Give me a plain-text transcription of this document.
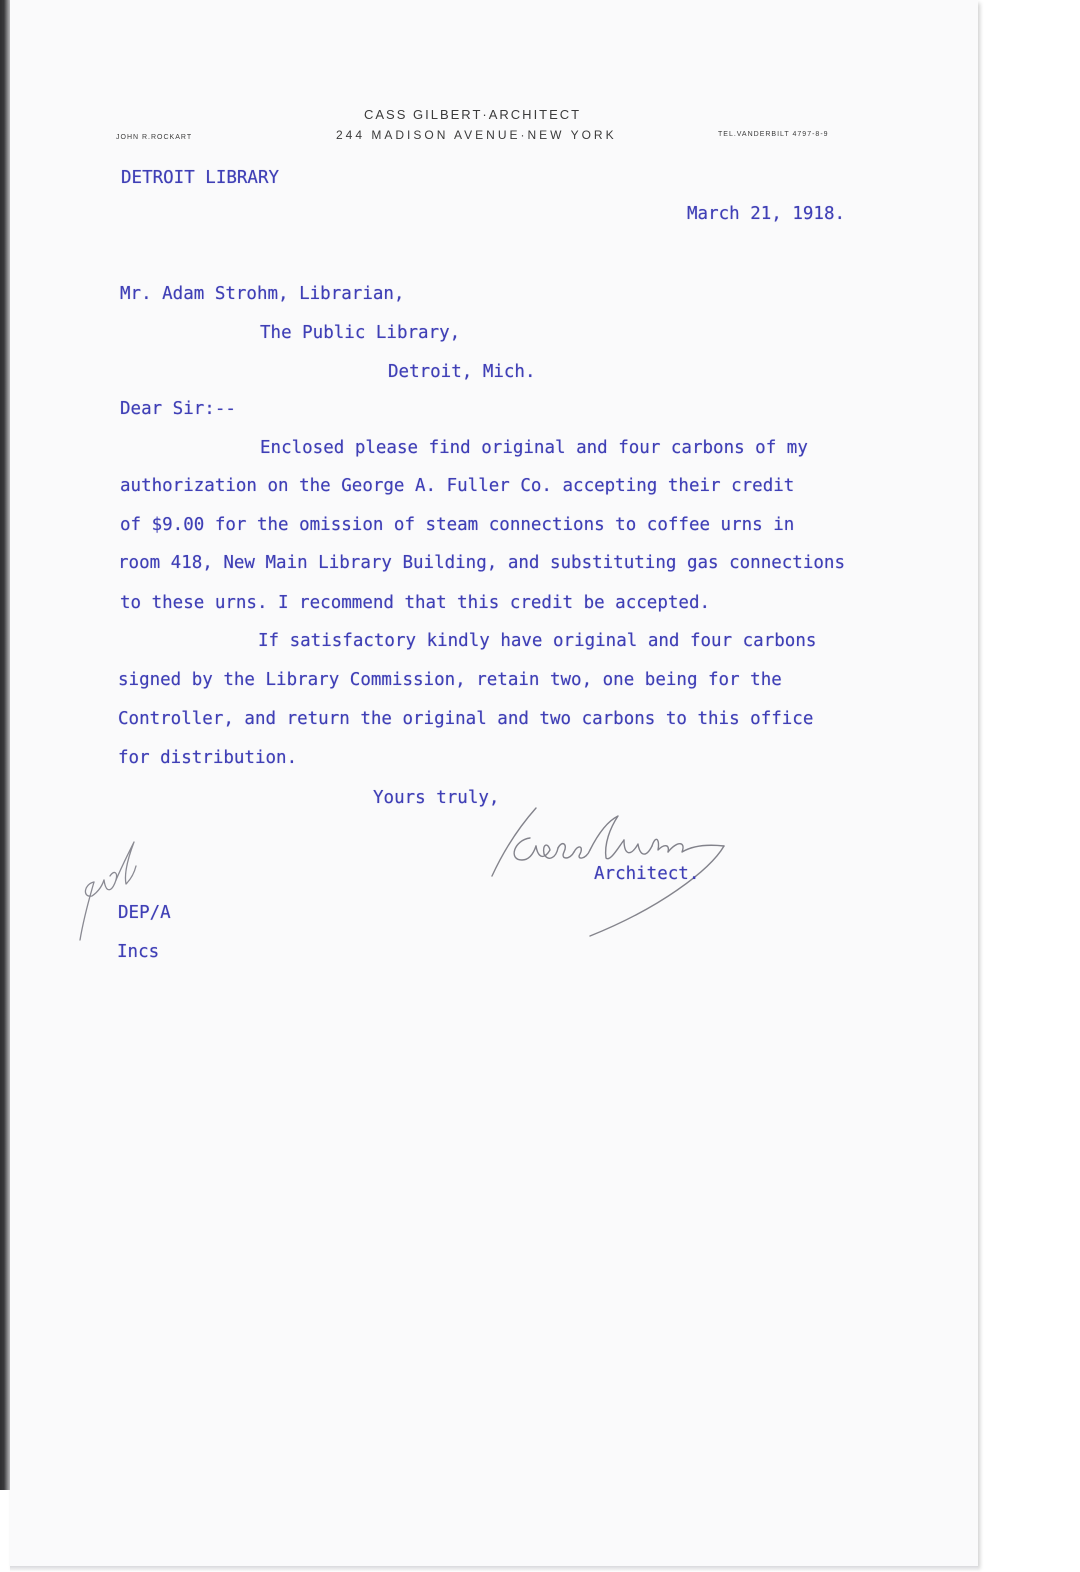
CASS GILBERT·ARCHITECT
244 MADISON AVENUE·NEW YORK
JOHN R.ROCKART	TEL.VANDERBILT 4797-8-9
DETROIT LIBRARY
March 21, 1918.
Mr. Adam Strohm, Librarian,
The Public Library,
Detroit, Mich.
Dear Sir:--
Enclosed please find original and four carbons of my
authorization on the George A. Fuller Co. accepting their credit
of $9.00 for the omission of steam connections to coffee urns in
room 418, New Main Library Building, and substituting gas connections
to these urns. I recommend that this credit be accepted.
If satisfactory kindly have original and four carbons
signed by the Library Commission, retain two, one being for the
Controller, and return the original and two carbons to this office
for distribution.
Yours truly,
Architect.
DEP/A
Incs
